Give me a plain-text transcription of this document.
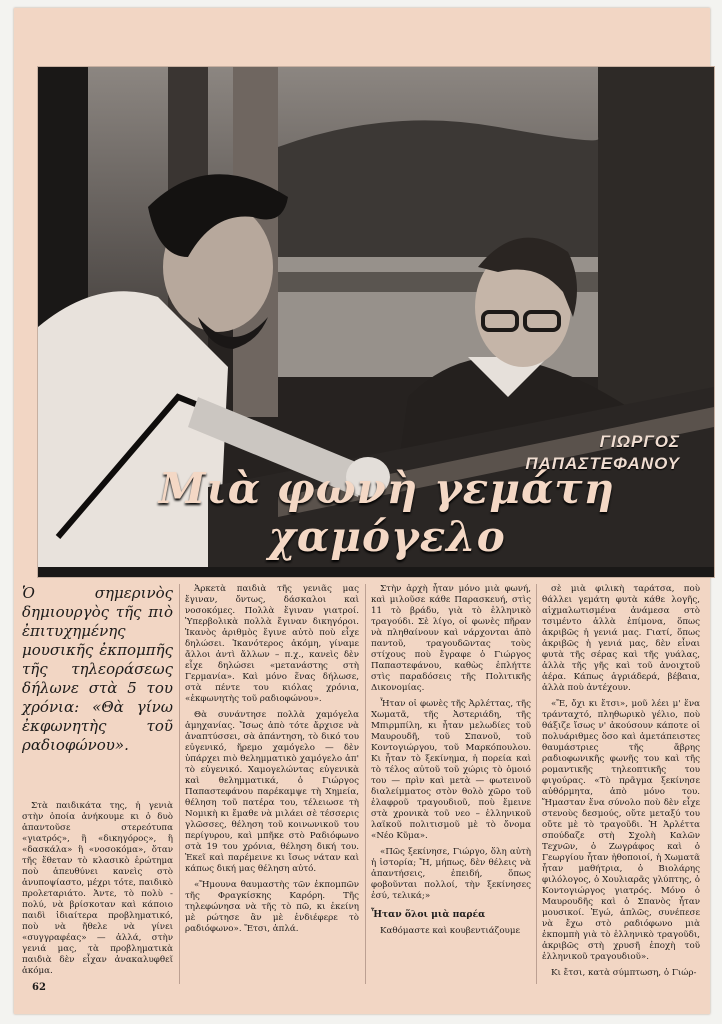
ΓΙΩΡΓΟΣ ΠΑΠΑΣΤΕΦΑΝΟΥ
Μιὰ φωνὴ γεμάτη χαμόγελο
Ὁ σημερινὸς δημιουργὸς τῆς πιὸ ἐπιτυχημένης μουσικῆς ἐκπομπῆς τῆς τηλεοράσεως δήλωνε στὰ 5 του χρόνια: «Θὰ γίνω ἐκφωνητὴς τοῦ ραδιοφώνου».

Στὰ παιδικάτα της, ἡ γενιὰ στὴν ὁποία ἀνήκουμε κι ὁ δυὸ ἀπαντοῦσε στερεότυπα «γιατρός», ἢ «δικηγόρος», ἢ «δασκάλα» ἢ «νοσοκόμα», ὅταν τῆς ἔθεταν τὸ κλασικὸ ἐρώτημα ποὺ ἀπευθύνει κανεὶς στὸ ἀνυποψίαστο, μέχρι τότε, παιδικὸ προλεταριάτο. Ἀντε, τὸ πολὺ - πολύ, νὰ βρίσκοταν καὶ κάποιο παιδὶ ἰδιαίτερα προβληματικό, ποὺ νὰ ἤθελε νὰ γίνει «συγγραφέας» — ἀλλά, στὴν γενιά μας, τὰ προβληματικὰ παιδιὰ δὲν εἶχαν ἀνακαλυφθεῖ ἀκόμα.

Ἀρκετὰ παιδιὰ τῆς γενιᾶς μας ἔγιναν, ὄντως, δάσκαλοι καὶ νοσοκόμες. Πολλὰ ἔγιναν γιατροί. Ὑπερβολικὰ πολλὰ ἔγιναν δικηγόροι. Ἱκανὸς ἀριθμὸς ἔγινε αὐτὸ ποὺ εἶχε δηλώσει. Ἱκανότερος ἀκόμη, γίναμε ἄλλοι ἀντὶ ἄλλων – π.χ., κανεὶς δὲν εἶχε δηλώσει «μετανάστης στὴ Γερμανία». Καὶ μόνο ἕνας δήλωσε, στὰ πέντε του κιόλας χρόνια, «ἐκφωνητὴς τοῦ ραδιοφώνου».

Θὰ συνάντησε πολλὰ χαμόγελα ἀμηχανίας. Ἴσως ἀπὸ τότε ἄρχισε νὰ ἀναπτύσσει, σὰ ἀπάντηση, τὸ δικό του εὐγενικό, ἤρεμο χαμόγελο — δὲν ὑπάρχει πιὸ θελημματικὸ χαμόγελο ἀπ' τὸ εὐγενικό. Χαμογελώντας εὐγενικὰ καὶ θελημματικά, ὁ Γιώργος Παπαστεφάνου παρέκαμψε τὴ Χημεία, θέληση τοῦ πατέρα του, τέλειωσε τὴ Νομικὴ κι ἔμαθε νὰ μιλάει σὲ τέσσερις γλῶσσες, θέληση τοῦ κοινωνικοῦ του περίγυρου, καὶ μπῆκε στὸ Ραδιόφωνο στὰ 19 του χρόνια, θέληση δική του. Ἐκεῖ καὶ παρέμεινε κι ἴσως νάταν καὶ κάπως δική μας θέληση αὐτό.

«Ἤμουνα θαυμαστὴς τῶν ἐκπομπῶν τῆς Φραγκίσκης Καρόρη. Τῆς τηλεφώνησα νὰ τῆς τὸ πῶ, κι ἐκείνη μὲ ρώτησε ἂν μὲ ἐνδιέφερε τὸ ραδιόφωνο». Ἔτσι, ἁπλά.

Στὴν ἀρχὴ ἦταν μόνο μιὰ φωνή, καὶ μιλοῦσε κάθε Παρασκευή, στὶς 11 τὸ βράδυ, γιὰ τὸ ἑλληνικὸ τραγούδι. Σὲ λίγο, οἱ φωνὲς πῆραν νὰ πληθαίνουν καὶ νάρχονται ἀπὸ παντοῦ, τραγουδῶντας τοὺς στίχους ποὺ ἔγραφε ὁ Γιώργος Παπαστεφάνου, καθὼς ἐπλήττε στὶς παραδόσεις τῆς Πολιτικῆς Δικονομίας.

Ἦταν οἱ φωνὲς τῆς Ἀρλέττας, τῆς Χωματᾶ, τῆς Ἀστεριάδη, τῆς Μπιρμπίλη, κι ἦταν μελωδίες τοῦ Μαυρουδῆ, τοῦ Σπανοῦ, τοῦ Κοντογιώργου, τοῦ Μαρκόπουλου. Κι ἦταν τὸ ξεκίνημα, ἡ πορεία καὶ τὸ τέλος αὐτοῦ τοῦ χώρις τὸ ὁμοιό του — πρὶν καὶ μετὰ — φωτεινοῦ διαλείμματος στὸν θολὸ χῶρο τοῦ ἐλαφροῦ τραγουδιοῦ, ποὺ ἔμεινε στὰ χρονικὰ τοῦ νεο – ἑλληνικοῦ λαϊκοῦ πολιτισμοῦ μὲ τὸ ὄνομα «Νέο Κῦμα».

«Πῶς ξεκίνησε, Γιώργο, ὅλη αὐτὴ ἡ ἱστορία; Ἤ, μήπως, δὲν θέλεις νὰ ἀπαντήσεις, ἐπειδή, ὅπως φοβοῦνται πολλοί, τὴν ξεκίνησες ἐσύ, τελικά;»

Ἦταν ὅλοι μιὰ παρέα

Καθόμαστε καὶ κουβεντιάζουμε

σὲ μιὰ φιλικὴ ταράτσα, ποὺ θάλλει γεμάτη φυτὰ κάθε λογῆς, αἰχμαλωτισμένα ἀνάμεσα στὸ τσιμέντο ἀλλὰ ἐπίμονα, ὅπως ἀκριβῶς ἡ γενιά μας. Γιατί, ὅπως ἀκριβῶς ἡ γενιά μας, δὲν εἶναι φυτὰ τῆς σέρας καὶ τῆς γυάλας, ἀλλὰ τῆς γῆς καὶ τοῦ ἀνοιχτοῦ ἀέρα. Κάπως ἀγριάδερά, βέβαια, ἀλλὰ ποὺ ἀντέχουν.

«Ἔ, ὄχι κι ἔτσι», μοῦ λέει μ' ἕνα τράνταχτό, πληθωρικὸ γέλιο, ποὺ θάξιζε ἴσως ν' ἀκούσουν κάποτε οἱ πολυάριθμες ὅσο καὶ ἀμετάπειστες θαυμάστριες τῆς ἄβρης ραδιοφωνικῆς φωνῆς του καὶ τῆς ρομαντικῆς τηλεοπτικῆς του φιγούρας. «Τὸ πρᾶγμα ξεκίνησε αὐθόρμητα, ἀπὸ μόνο του. Ἤμασταν ἕνα σύνολο ποὺ δὲν εἶχε στενοὺς δεσμούς, οὔτε μεταξύ του οὔτε μὲ τὸ τραγοῦδι. Ἡ Ἀρλέττα σπούδαζε στὴ Σχολὴ Καλῶν Τεχνῶν, ὁ Ζωγράφος καὶ ὁ Γεωργίου ἦταν ἠθοποιοί, ἡ Χωματᾶ ἦταν μαθήτρια, ὁ Βιολάρης φιλόλογος, ὁ Χουλιαρᾶς γλύπτης, ὁ Κοντογιώργος γιατρός. Μόνο ὁ Μαυρουδῆς καὶ ὁ Σπανὸς ἦταν μουσικοί. Ἐγώ, ἁπλῶς, συνέπεσε νὰ ἔχω στὸ ραδιόφωνο μιὰ ἐκπομπὴ γιὰ τὸ ἑλληνικὸ τραγοῦδι, ἀκριβῶς στὴ χρυσῆ ἐποχὴ τοῦ ἑλληνικοῦ τραγουδιοῦ».

Κι ἔτσι, κατὰ σύμπτωση, ὁ Γιώρ-

62
